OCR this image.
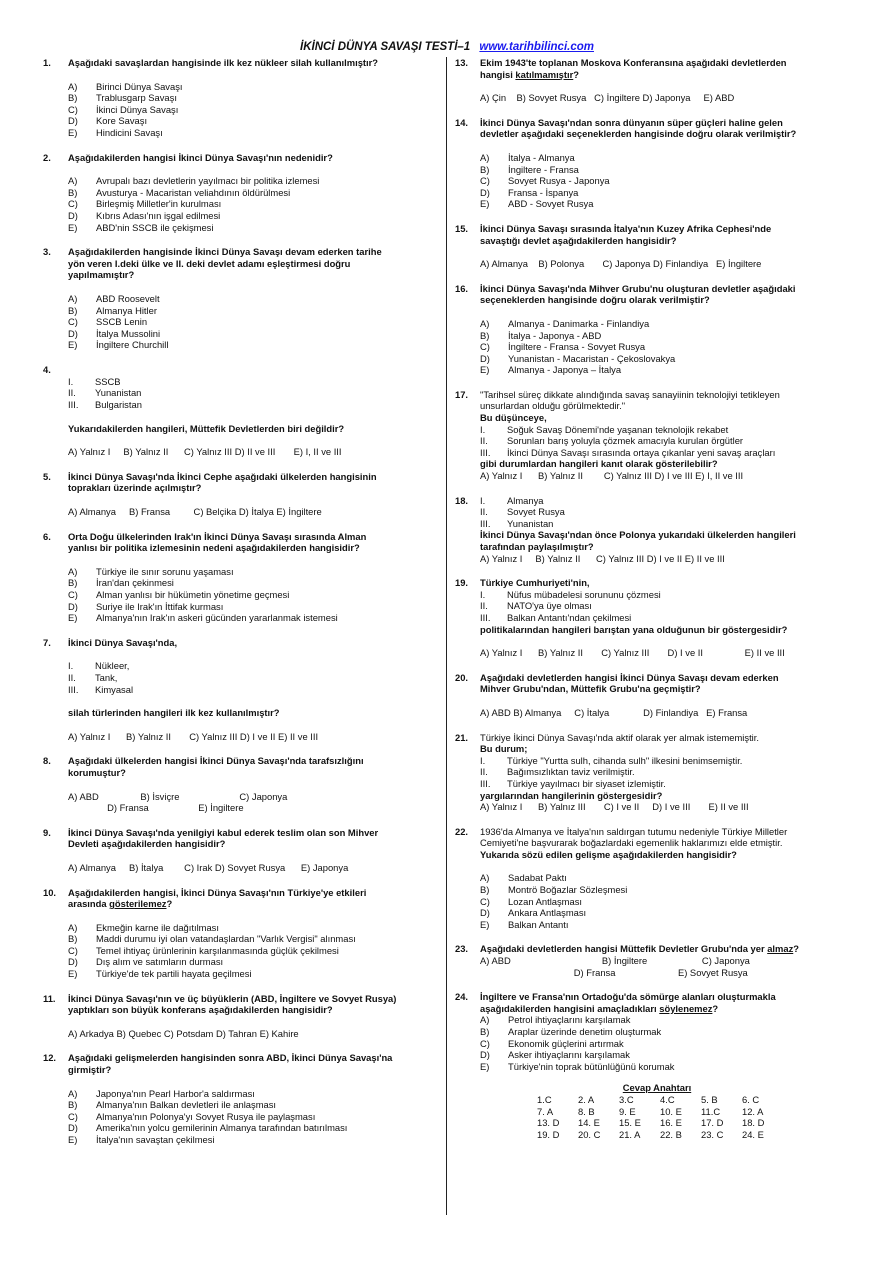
İKİNCİ DÜNYA SAVAŞI TESTİ–1 www.tarihbilinci.com
1. Aşağıdaki savaşlardan hangisinde ilk kez nükleer silah kullanılmıştır?
A) Birinci Dünya Savaşı
B) Trablusgarp Savaşı
C) İkinci Dünya Savaşı
D) Kore Savaşı
E) Hindicini Savaşı
2. Aşağıdakilerden hangisi İkinci Dünya Savaşı'nın nedenidir?
A) Avrupalı bazı devletlerin yayılmacı bir politika izlemesi
B) Avusturya - Macaristan veliahdının öldürülmesi
C) Birleşmiş Milletler'in kurulması
D) Kıbrıs Adası'nın işgal edilmesi
E) ABD'nin SSCB ile çekişmesi
3. Aşağıdakilerden hangisinde İkinci Dünya Savaşı devam ederken tarihe
yön veren I.deki ülke ve II. deki devlet adamı eşleştirmesi doğru
yapılmamıştır?
A) ABD Roosevelt
B) Almanya Hitler
C) SSCB Lenin
D) İtalya Mussolini
E) İngiltere Churchill
4.
I. SSCB
II. Yunanistan
III. Bulgaristan
Yukarıdakilerden hangileri, Müttefik Devletlerden biri değildir?
A) Yalnız I     B) Yalnız II      C) Yalnız III D) II ve III       E) I, II ve III
5. İkinci Dünya Savaşı'nda İkinci Cephe aşağıdaki ülkelerden hangisinin
toprakları üzerinde açılmıştır?
A) Almanya     B) Fransa         C) Belçika D) İtalya E) İngiltere
6. Orta Doğu ülkelerinden Irak'ın İkinci Dünya Savaşı sırasında Alman
yanlısı bir politika izlemesinin nedeni aşağıdakilerden hangisidir?
A) Türkiye ile sınır sorunu yaşaması
B) İran'dan çekinmesi
C) Alman yanlısı bir hükümetin yönetime geçmesi
D) Suriye ile Irak'ın İttifak kurması
E) Almanya'nın Irak'ın askeri gücünden yararlanmak istemesi
7. İkinci Dünya Savaşı'nda,
I. Nükleer,
II. Tank,
III. Kimyasal
silah türlerinden hangileri ilk kez kullanılmıştır?
A) Yalnız I      B) Yalnız II       C) Yalnız III D) I ve II E) II ve III
8. Aşağıdaki ülkelerden hangisi İkinci Dünya Savaşı'nda tarafsızlığını
korumuştur?
A) ABD                B) İsviçre                       C) Japonya
D) Fransa                   E) İngiltere
9. İkinci Dünya Savaşı'nda yenilgiyi kabul ederek teslim olan son Mihver
Devleti aşağıdakilerden hangisidir?
A) Almanya     B) İtalya        C) Irak D) Sovyet Rusya      E) Japonya
10. Aşağıdakilerden hangisi, İkinci Dünya Savaşı'nın Türkiye'ye etkileri
arasında gösterilemez?
A) Ekmeğin karne ile dağıtılması
B) Maddi durumu iyi olan vatandaşlardan "Varlık Vergisi" alınması
C) Temel ihtiyaç ürünlerinin karşılanmasında güçlük çekilmesi
D) Dış alım ve satımların durması
E) Türkiye'de tek partili hayata geçilmesi
11. İkinci Dünya Savaşı'nın ve üç büyüklerin (ABD, İngiltere ve Sovyet Rusya)
yaptıkları son büyük konferans aşağıdakilerden hangisidir?
A) Arkadya B) Quebec C) Potsdam D) Tahran E) Kahire
12. Aşağıdaki gelişmelerden hangisinden sonra ABD, İkinci Dünya Savaşı'na
girmiştir?
A) Japonya'nın Pearl Harbor'a saldırması
B) Almanya'nın Balkan devletleri ile anlaşması
C) Almanya'nın Polonya'yı Sovyet Rusya ile paylaşması
D) Amerika'nın yolcu gemilerinin Almanya tarafından batırılması
E) İtalya'nın savaştan çekilmesi
13. Ekim 1943'te toplanan Moskova Konferansına aşağıdaki devletlerden
hangisi katılmamıştır?
A) Çin    B) Sovyet Rusya   C) İngiltere D) Japonya     E) ABD
14. İkinci Dünya Savaşı'ndan sonra dünyanın süper güçleri haline gelen
devletler aşağıdaki seçeneklerden hangisinde doğru olarak verilmiştir?
A) İtalya - Almanya
B) İngiltere - Fransa
C) Sovyet Rusya - Japonya
D) Fransa - İspanya
E) ABD - Sovyet Rusya
15. İkinci Dünya Savaşı sırasında İtalya'nın Kuzey Afrika Cephesi'nde
savaştığı devlet aşağıdakilerden hangisidir?
A) Almanya    B) Polonya       C) Japonya D) Finlandiya   E) İngiltere
16. İkinci Dünya Savaşı'nda Mihver Grubu'nu oluşturan devletler aşağıdaki
seçeneklerden hangisinde doğru olarak verilmiştir?
A) Almanya - Danimarka - Finlandiya
B) İtalya - Japonya - ABD
C) İngiltere - Fransa - Sovyet Rusya
D) Yunanistan - Macaristan - Çekoslovakya
E) Almanya - Japonya – İtalya
17. "Tarihsel süreç dikkate alındığında savaş sanayiinin teknolojiyi tetikleyen
unsurlardan olduğu görülmektedir."
Bu düşünceye,
I. Soğuk Savaş Dönemi'nde yaşanan teknolojik rekabet
II. Sorunları barış yoluyla çözmek amacıyla kurulan örgütler
III. İkinci Dünya Savaşı sırasında ortaya çıkanlar yeni savaş araçları
gibi durumlardan hangileri kanıt olarak gösterilebilir?
A) Yalnız I      B) Yalnız II        C) Yalnız III D) I ve III E) I, II ve III
18. I. Almanya
II. Sovyet Rusya
III. Yunanistan
İkinci Dünya Savaşı'ndan önce Polonya yukarıdaki ülkelerden hangileri
tarafından paylaşılmıştır?
A) Yalnız I     B) Yalnız II      C) Yalnız III D) I ve II E) II ve III
19. Türkiye Cumhuriyeti'nin,
I. Nüfus mübadelesi sorununu çözmesi
II. NATO'ya üye olması
III. Balkan Antantı'ndan çekilmesi
politikalarından hangileri barıştan yana olduğunun bir göstergesidir?
A) Yalnız I      B) Yalnız II       C) Yalnız III       D) I ve II                E) II ve III
20. Aşağıdaki devletlerden hangisi İkinci Dünya Savaşı devam ederken
Mihver Grubu'ndan, Müttefik Grubu'na geçmiştir?
A) ABD B) Almanya     C) İtalya             D) Finlandiya   E) Fransa
21. Türkiye İkinci Dünya Savaşı'nda aktif olarak yer almak istememiştir.
Bu durum;
I. Türkiye "Yurtta sulh, cihanda sulh" ilkesini benimsemiştir.
II. Bağımsızlıktan taviz verilmiştir.
III. Türkiye yayılmacı bir siyaset izlemiştir.
yargılarından hangilerinin göstergesidir?
A) Yalnız I      B) Yalnız III       C) I ve II     D) I ve III       E) II ve III
22. 1936'da Almanya ve İtalya'nın saldırgan tutumu nedeniyle Türkiye Milletler
Cemiyeti'ne başvurarak boğazlardaki egemenlik haklarımızı elde etmiştir.
Yukarıda sözü edilen gelişme aşağıdakilerden hangisidir?
A) Sadabat Paktı
B) Montrö Boğazlar Sözleşmesi
C) Lozan Antlaşması
D) Ankara Antlaşması
E) Balkan Antantı
23. Aşağıdaki devletlerden hangisi Müttefik Devletler Grubu'nda yer almaz?
A) ABD                                   B) İngiltere                     C) Japonya
D) Fransa                        E) Sovyet Rusya
24. İngiltere ve Fransa'nın Ortadoğu'da sömürge alanları oluşturmakla
aşağıdakilerden hangisini amaçladıkları söylenemez?
A) Petrol ihtiyaçlarını karşılamak
B) Araplar üzerinde denetim oluşturmak
C) Ekonomik güçlerini artırmak
D) Asker ihtiyaçlarını karşılamak
E) Türkiye'nin toprak bütünlüğünü korumak
Cevap Anahtarı
1.C	2. A	3.C	4.C	5. B	6. C
7. A	8. B	9. E	10. E	11.C	12. A
13. D	14. E	15. E	16. E	17. D	18. D
19. D	20. C	21. A	22. B	23. C	24. E
